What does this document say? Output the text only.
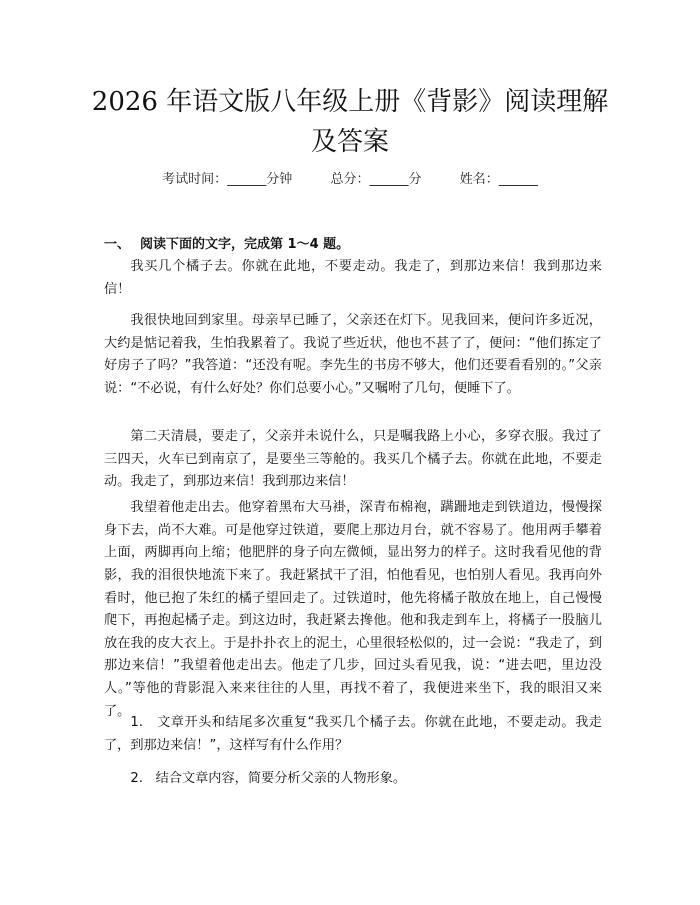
2026 年语文版八年级上册《背影》阅读理解及答案
考试时间：______分钟	总分：______分	姓名：______
一、 阅读下面的文字，完成第 1～4 题。

我买几个橘子去。你就在此地，不要走动。我走了，到那边来信！我到那边来信！

我很快地回到家里。母亲早已睡了，父亲还在灯下。见我回来，便问许多近况，大约是惦记着我，生怕我累着了。我说了些近状，他也不甚了了，便问：“他们拣定了好房子了吗？”我答道：“还没有呢。李先生的书房不够大，他们还要看看别的。”父亲说：“不必说，有什么好处？你们总要小心。”又嘱咐了几句，便睡下了。

第二天清晨，要走了，父亲并未说什么，只是嘱我路上小心，多穿衣服。我过了三四天，火车已到南京了，是要坐三等舱的。我买几个橘子去。你就在此地，不要走动。我走了，到那边来信！我到那边来信！

我望着他走出去。他穿着黑布大马褂，深青布棉袍，蹒跚地走到铁道边，慢慢探身下去，尚不大难。可是他穿过铁道，要爬上那边月台，就不容易了。他用两手攀着上面，两脚再向上缩；他肥胖的身子向左微倾，显出努力的样子。这时我看见他的背影，我的泪很快地流下来了。我赶紧拭干了泪，怕他看见，也怕别人看见。我再向外看时，他已抱了朱红的橘子望回走了。过铁道时，他先将橘子散放在地上，自己慢慢爬下，再抱起橘子走。到这边时，我赶紧去搀他。他和我走到车上，将橘子一股脑儿放在我的皮大衣上。于是扑扑衣上的泥土，心里很轻松似的，过一会说：“我走了，到那边来信！”我望着他走出去。他走了几步，回过头看见我，说：“进去吧，里边没人。”等他的背影混入来来往往的人里，再找不着了，我便进来坐下，我的眼泪又来了。

1. 文章开头和结尾多次重复“我买几个橘子去。你就在此地，不要走动。我走了，到那边来信！”，这样写有什么作用？

2. 结合文章内容，简要分析父亲的人物形象。
